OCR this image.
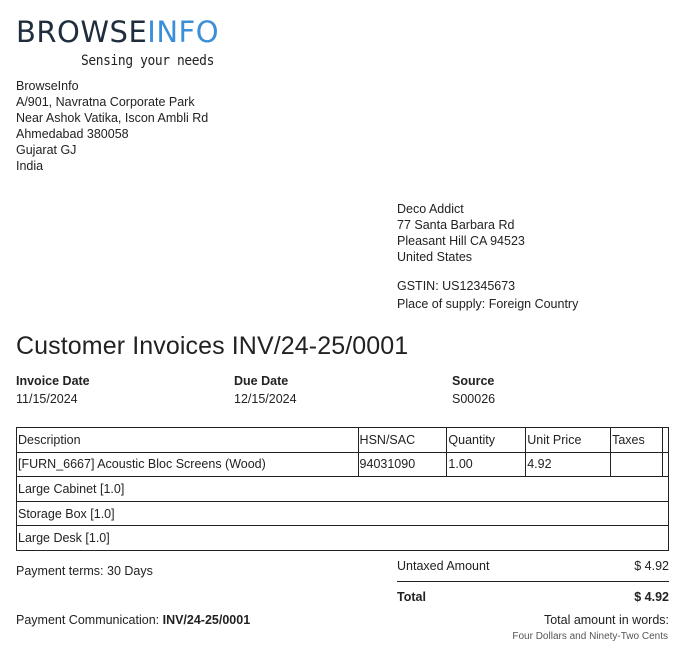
BROWSEINFO
Sensing your needs
BrowseInfo
A/901, Navratna Corporate Park
Near Ashok Vatika, Iscon Ambli Rd
Ahmedabad 380058
Gujarat GJ
India
Deco Addict
77 Santa Barbara Rd
Pleasant Hill CA 94523
United States
GSTIN: US12345673
Place of supply: Foreign Country
Customer Invoices INV/24-25/0001
Invoice Date
11/15/2024
Due Date
12/15/2024
Source
S00026
Description	HSN/SAC	Quantity	Unit Price	Taxes	
[FURN_6667] Acoustic Bloc Screens (Wood)	94031090	1.00	4.92		
Large Cabinet [1.0]					
Storage Box [1.0]					
Large Desk [1.0]					
Payment terms: 30 Days
Payment Communication: INV/24-25/0001
Untaxed Amount	$ 4.92
Total	$ 4.92
Total amount in words:
Four Dollars and Ninety-Two Cents
